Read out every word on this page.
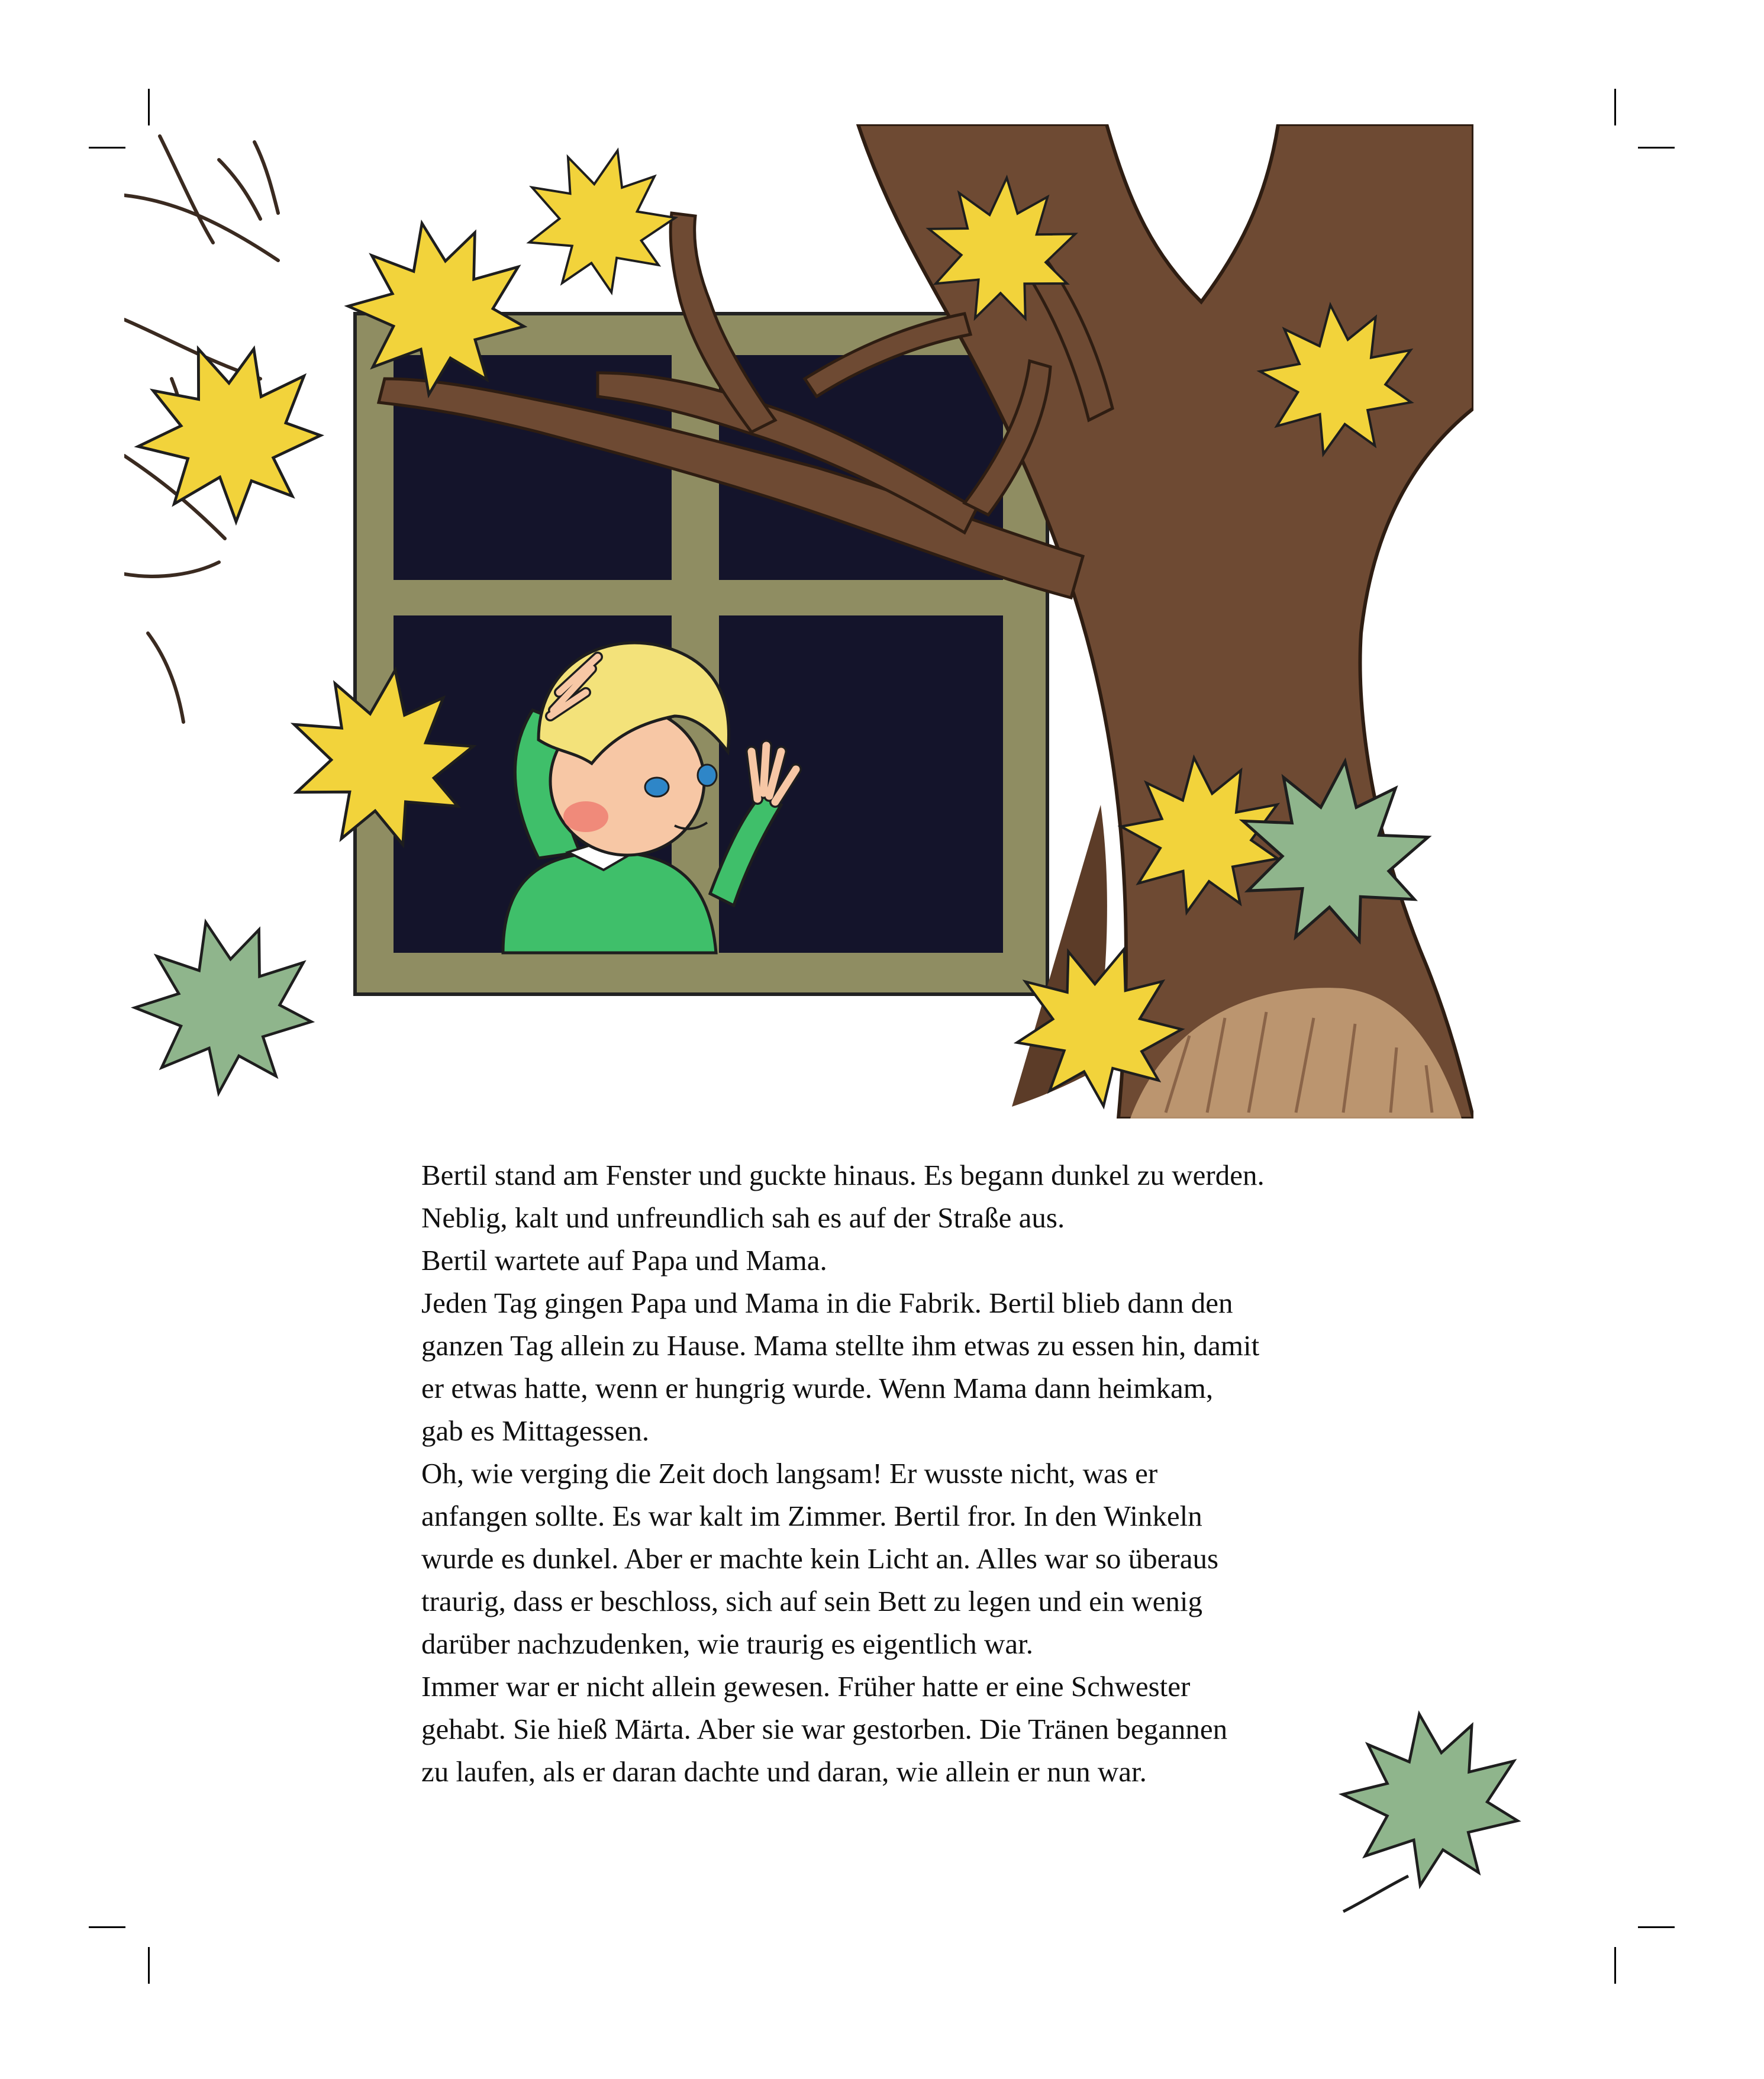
Bertil stand am Fenster und guckte hinaus. Es begann dunkel zu werden.

Neblig, kalt und unfreundlich sah es auf der Straße aus.

Bertil wartete auf Papa und Mama.

Jeden Tag gingen Papa und Mama in die Fabrik. Bertil blieb dann den

ganzen Tag allein zu Hause. Mama stellte ihm etwas zu essen hin, damit

er etwas hatte, wenn er hungrig wurde. Wenn Mama dann heimkam,

gab es Mittagessen.

Oh, wie verging die Zeit doch langsam! Er wusste nicht, was er

anfangen sollte. Es war kalt im Zimmer. Bertil fror. In den Winkeln

wurde es dunkel. Aber er machte kein Licht an. Alles war so überaus

traurig, dass er beschloss, sich auf sein Bett zu legen und ein wenig

darüber nachzudenken, wie traurig es eigentlich war.

Immer war er nicht allein gewesen. Früher hatte er eine Schwester

gehabt. Sie hieß Märta. Aber sie war gestorben. Die Tränen begannen

zu laufen, als er daran dachte und daran, wie allein er nun war.
